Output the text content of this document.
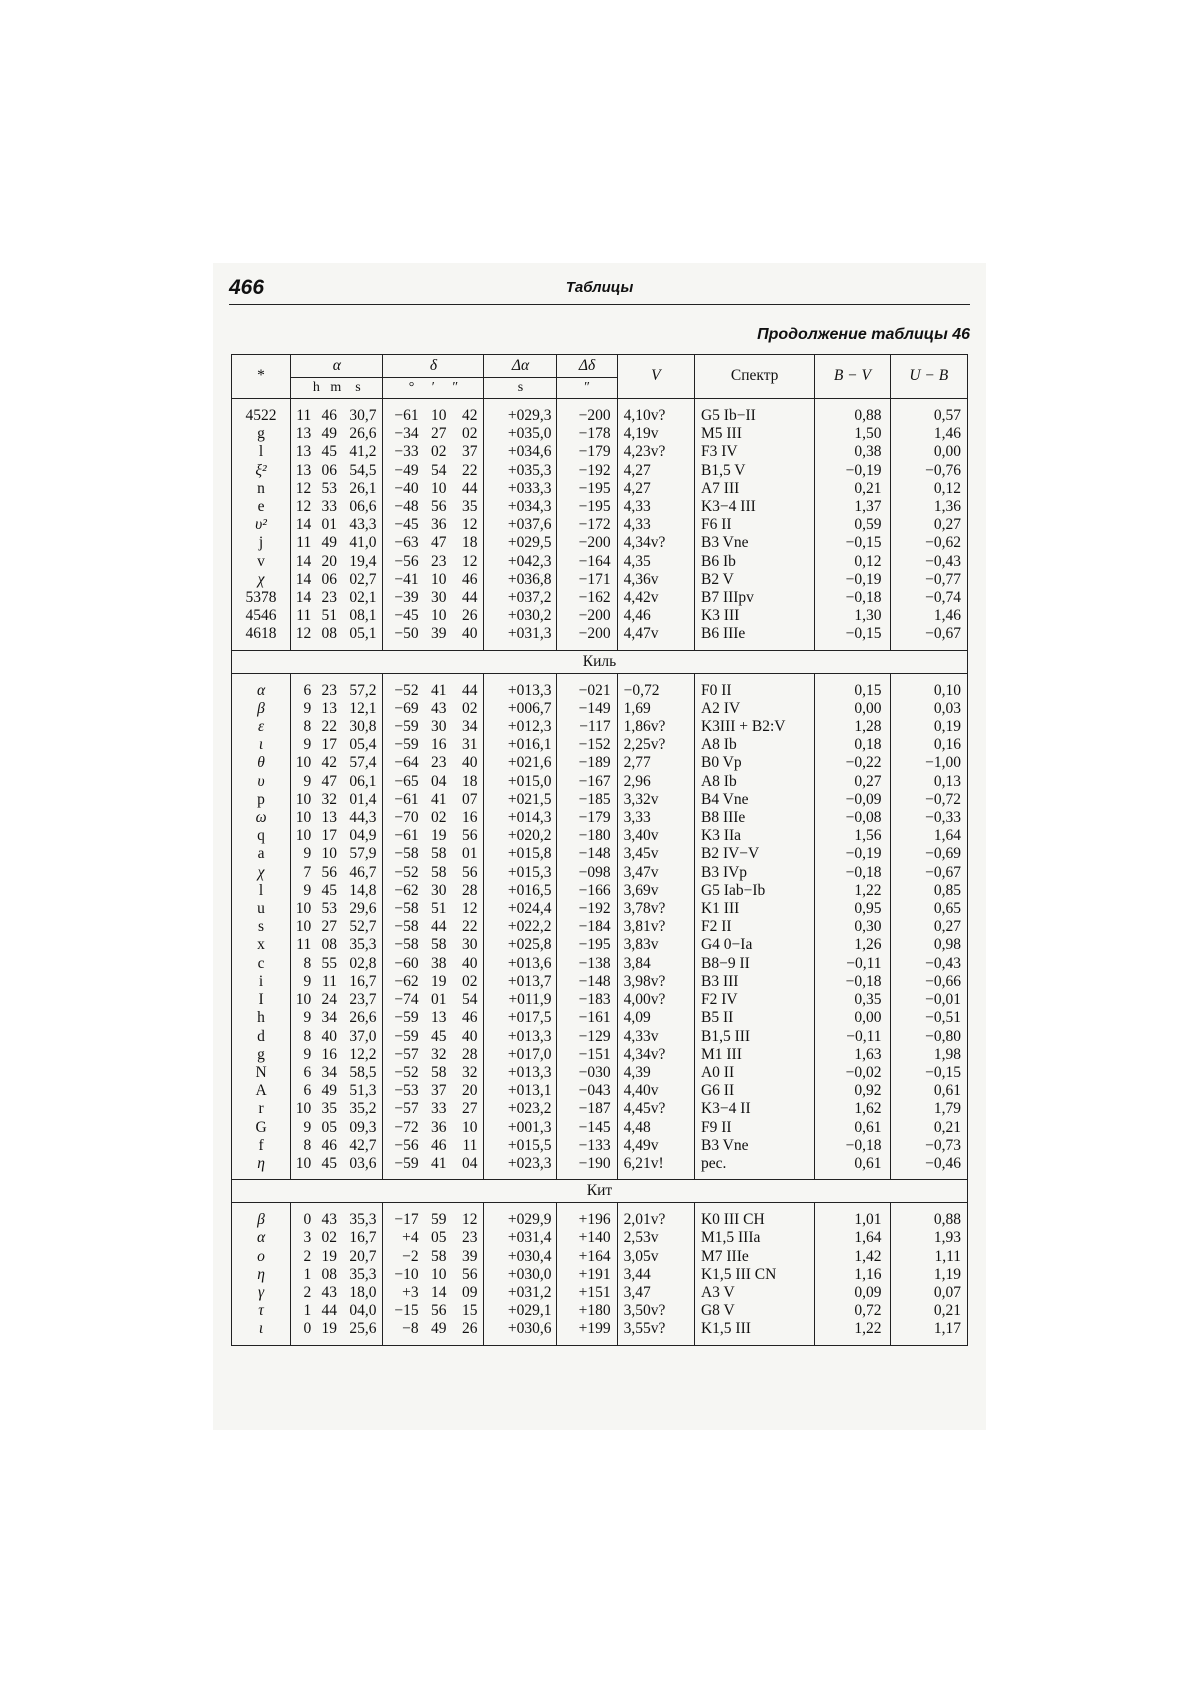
466	Таблицы
Продолжение таблицы 46
*	α			δ			Δα	Δδ	V	Спектр	B − V	U − B
	h m s			° ′ ″			s	″				

4522	11	46	30,7	−61	10	42	+029,3	−200	4,10v?	G5 Ib−II	0,88	0,57
g	13	49	26,6	−34	27	02	+035,0	−178	4,19v	M5 III	1,50	1,46
l	13	45	41,2	−33	02	37	+034,6	−179	4,23v?	F3 IV	0,38	0,00
ξ²	13	06	54,5	−49	54	22	+035,3	−192	4,27	B1,5 V	−0,19	−0,76
n	12	53	26,1	−40	10	44	+033,3	−195	4,27	A7 III	0,21	0,12
e	12	33	06,6	−48	56	35	+034,3	−195	4,33	K3−4 III	1,37	1,36
υ²	14	01	43,3	−45	36	12	+037,6	−172	4,33	F6 II	0,59	0,27
j	11	49	41,0	−63	47	18	+029,5	−200	4,34v?	B3 Vne	−0,15	−0,62
v	14	20	19,4	−56	23	12	+042,3	−164	4,35	B6 Ib	0,12	−0,43
χ	14	06	02,7	−41	10	46	+036,8	−171	4,36v	B2 V	−0,19	−0,77
5378	14	23	02,1	−39	30	44	+037,2	−162	4,42v	B7 IIIpv	−0,18	−0,74
4546	11	51	08,1	−45	10	26	+030,2	−200	4,46	K3 III	1,30	1,46
4618	12	08	05,1	−50	39	40	+031,3	−200	4,47v	B6 IIIe	−0,15	−0,67
Киль												

α	6	23	57,2	−52	41	44	+013,3	−021	−0,72	F0 II	0,15	0,10
β	9	13	12,1	−69	43	02	+006,7	−149	1,69	A2 IV	0,00	0,03
ε	8	22	30,8	−59	30	34	+012,3	−117	1,86v?	K3III + B2:V	1,28	0,19
ι	9	17	05,4	−59	16	31	+016,1	−152	2,25v?	A8 Ib	0,18	0,16
θ	10	42	57,4	−64	23	40	+021,6	−189	2,77	B0 Vp	−0,22	−1,00
υ	9	47	06,1	−65	04	18	+015,0	−167	2,96	A8 Ib	0,27	0,13
p	10	32	01,4	−61	41	07	+021,5	−185	3,32v	B4 Vne	−0,09	−0,72
ω	10	13	44,3	−70	02	16	+014,3	−179	3,33	B8 IIIe	−0,08	−0,33
q	10	17	04,9	−61	19	56	+020,2	−180	3,40v	K3 IIa	1,56	1,64
a	9	10	57,9	−58	58	01	+015,8	−148	3,45v	B2 IV−V	−0,19	−0,69
χ	7	56	46,7	−52	58	56	+015,3	−098	3,47v	B3 IVp	−0,18	−0,67
l	9	45	14,8	−62	30	28	+016,5	−166	3,69v	G5 Iab−Ib	1,22	0,85
u	10	53	29,6	−58	51	12	+024,4	−192	3,78v?	K1 III	0,95	0,65
s	10	27	52,7	−58	44	22	+022,2	−184	3,81v?	F2 II	0,30	0,27
x	11	08	35,3	−58	58	30	+025,8	−195	3,83v	G4 0−Ia	1,26	0,98
c	8	55	02,8	−60	38	40	+013,6	−138	3,84	B8−9 II	−0,11	−0,43
i	9	11	16,7	−62	19	02	+013,7	−148	3,98v?	B3 III	−0,18	−0,66
I	10	24	23,7	−74	01	54	+011,9	−183	4,00v?	F2 IV	0,35	−0,01
h	9	34	26,6	−59	13	46	+017,5	−161	4,09	B5 II	0,00	−0,51
d	8	40	37,0	−59	45	40	+013,3	−129	4,33v	B1,5 III	−0,11	−0,80
g	9	16	12,2	−57	32	28	+017,0	−151	4,34v?	M1 III	1,63	1,98
N	6	34	58,5	−52	58	32	+013,3	−030	4,39	A0 II	−0,02	−0,15
A	6	49	51,3	−53	37	20	+013,1	−043	4,40v	G6 II	0,92	0,61
r	10	35	35,2	−57	33	27	+023,2	−187	4,45v?	K3−4 II	1,62	1,79
G	9	05	09,3	−72	36	10	+001,3	−145	4,48	F9 II	0,61	0,21
f	8	46	42,7	−56	46	11	+015,5	−133	4,49v	B3 Vne	−0,18	−0,73
η	10	45	03,6	−59	41	04	+023,3	−190	6,21v!	pec.	0,61	−0,46
Кит												

β	0	43	35,3	−17	59	12	+029,9	+196	2,01v?	K0 III CH	1,01	0,88
α	3	02	16,7	+4	05	23	+031,4	+140	2,53v	M1,5 IIIa	1,64	1,93
ο	2	19	20,7	−2	58	39	+030,4	+164	3,05v	M7 IIIe	1,42	1,11
η	1	08	35,3	−10	10	56	+030,0	+191	3,44	K1,5 III CN	1,16	1,19
γ	2	43	18,0	+3	14	09	+031,2	+151	3,47	A3 V	0,09	0,07
τ	1	44	04,0	−15	56	15	+029,1	+180	3,50v?	G8 V	0,72	0,21
ι	0	19	25,6	−8	49	26	+030,6	+199	3,55v?	K1,5 III	1,22	1,17
